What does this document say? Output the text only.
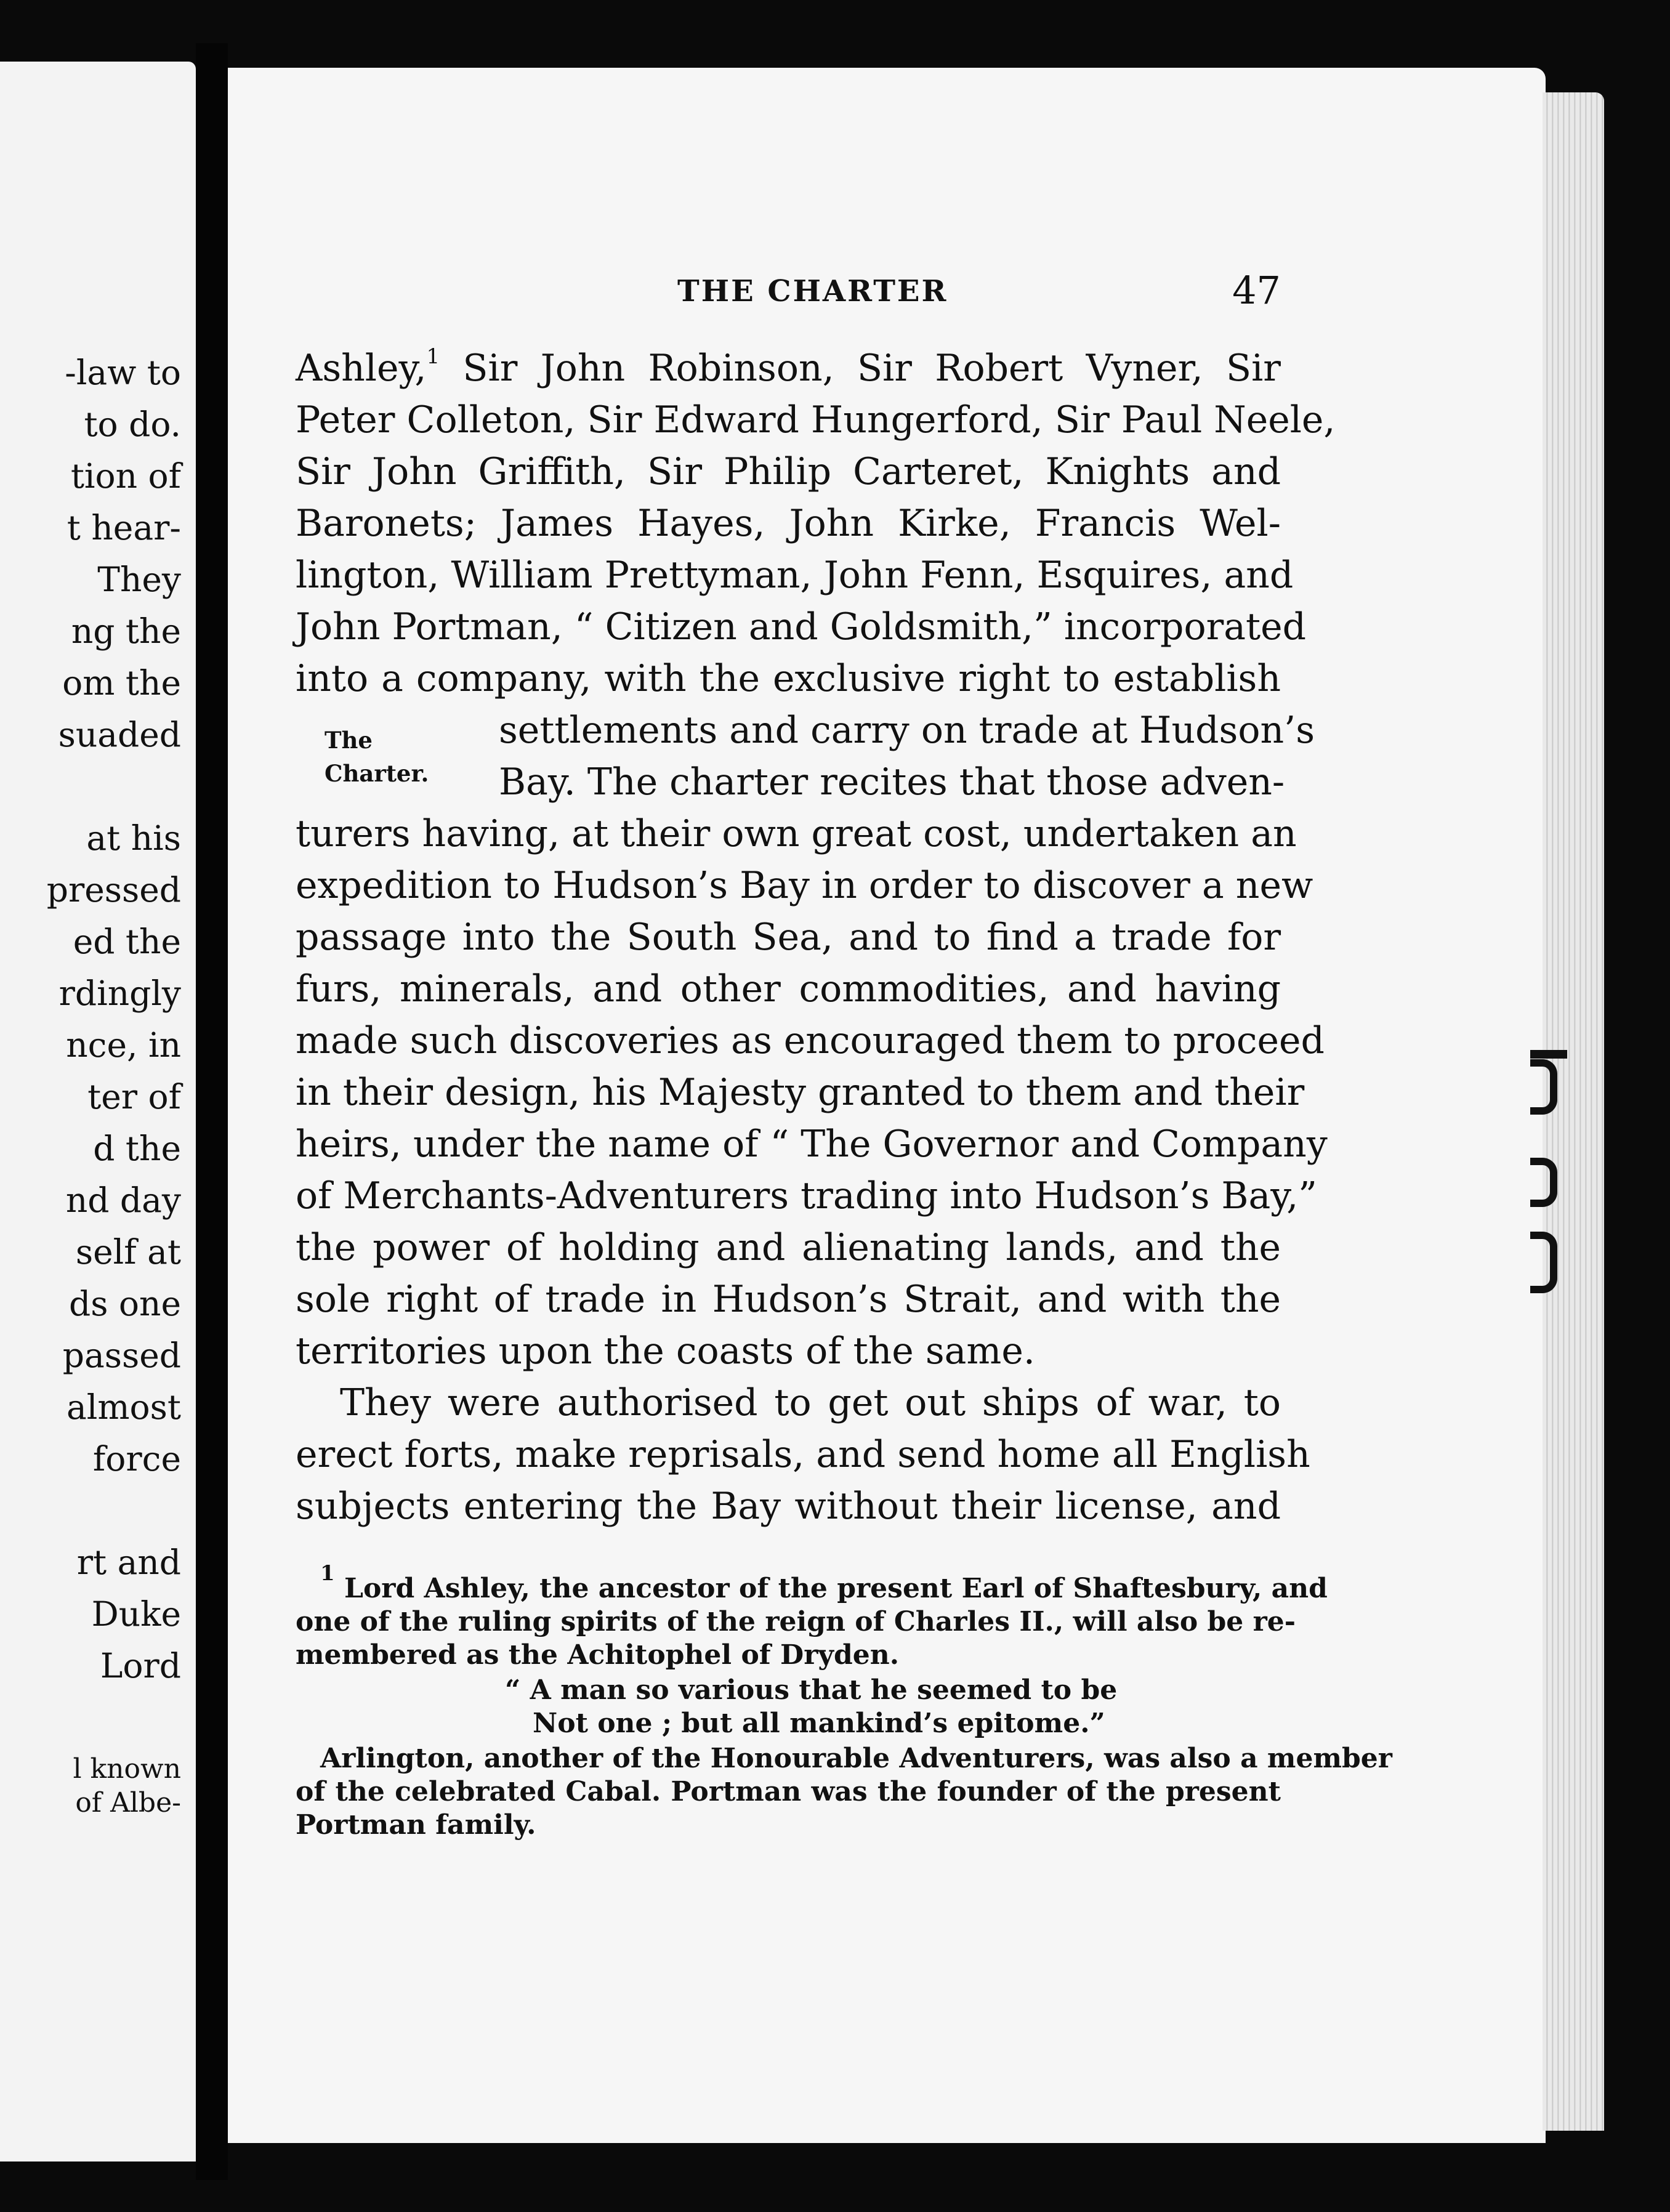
-law to
to do.
tion of
t hear-
They
ng the
om the
suaded
at his
pressed
ed the
rdingly
nce, in
ter of
d the
nd day
self at
ds one
passed
almost
force
rt and
Duke
Lord
l known
of Albe-
THE CHARTER	47
Ashley,$^1$ Sir John Robinson, Sir Robert Vyner, Sir
Peter Colleton, Sir Edward Hungerford, Sir Paul Neele,
Sir John Griffith, Sir Philip Carteret, Knights and
Baronets; James Hayes, John Kirke, Francis Wel-
lington, William Prettyman, John Fenn, Esquires, and
John Portman, “ Citizen and Goldsmith,” incorporated
into a company, with the exclusive right to establish
settlements and carry on trade at Hudson’s
Bay. The charter recites that those adven-
turers having, at their own great cost, undertaken an
expedition to Hudson’s Bay in order to discover a new
passage into the South Sea, and to find a trade for
furs, minerals, and other commodities, and having
made such discoveries as encouraged them to proceed
in their design, his Majesty granted to them and their
heirs, under the name of “ The Governor and Company
of Merchants-Adventurers trading into Hudson’s Bay,”
the power of holding and alienating lands, and the
sole right of trade in Hudson’s Strait, and with the
territories upon the coasts of the same.
They were authorised to get out ships of war, to
erect forts, make reprisals, and send home all English
subjects entering the Bay without their license, and
The
Charter.
$^1$ Lord Ashley, the ancestor of the present Earl of Shaftesbury, and
one of the ruling spirits of the reign of Charles II., will also be re-
membered as the Achitophel of Dryden.
“ A man so various that he seemed to be
Not one ; but all mankind’s epitome.”
Arlington, another of the Honourable Adventurers, was also a member
of the celebrated Cabal. Portman was the founder of the present
Portman family.
